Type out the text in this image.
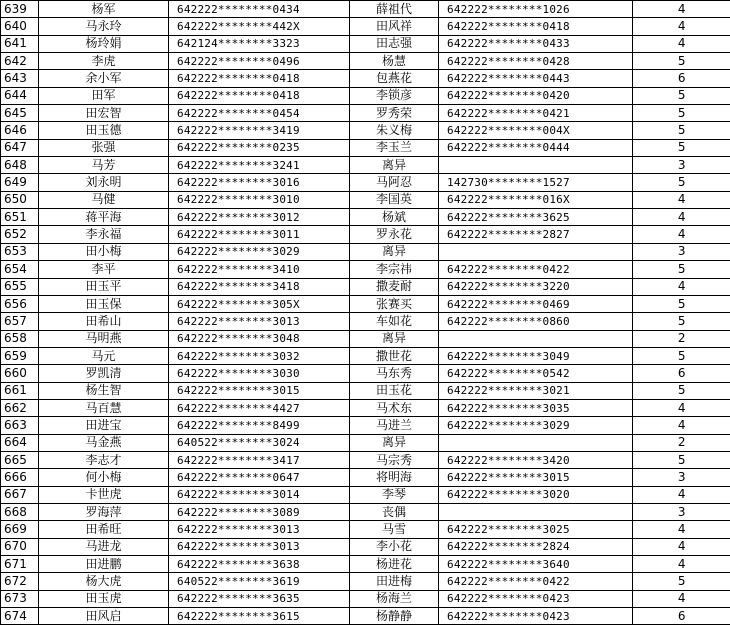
639	杨军	642222********0434	薛祖代	642222********1026	4
640	马永玲	642222********442X	田风祥	642222********0418	4
641	杨玲娟	642124********3323	田志强	642222********0433	4
642	李虎	642222********0496	杨慧	642222********0428	5
643	余小军	642222********0418	包燕花	642222********0443	6
644	田军	642222********0418	李锁彦	642222********0420	5
645	田宏智	642222********0454	罗秀荣	642222********0421	5
646	田玉德	642222********3419	朱义梅	642222********004X	5
647	张强	642222********0235	李玉兰	642222********0444	5
648	马芳	642222********3241	离异		3
649	刘永明	642222********3016	马阿忍	142730********1527	5
650	马健	642222********3010	李国英	642222********016X	4
651	蒋平海	642222********3012	杨斌	642222********3625	4
652	李永福	642222********3011	罗永花	642222********2827	4
653	田小梅	642222********3029	离异		3
654	李平	642222********3410	李宗祎	642222********0422	5
655	田玉平	642222********3418	撒麦耐	642222********3220	4
656	田玉保	642222********305X	张赛买	642222********0469	5
657	田希山	642222********3013	车如花	642222********0860	5
658	马明燕	642222********3048	离异		2
659	马元	642222********3032	撒世花	642222********3049	5
660	罗凯清	642222********3030	马东秀	642222********0542	6
661	杨生智	642222********3015	田玉花	642222********3021	5
662	马百慧	642222********4427	马术东	642222********3035	4
663	田进宝	642222********8499	马进兰	642222********3029	4
664	马金燕	640522********3024	离异		2
665	李志才	642222********3417	马宗秀	642222********3420	5
666	何小梅	642222********0647	将明海	642222********3015	3
667	卡世虎	642222********3014	李琴	642222********3020	4
668	罗海萍	642222********3089	丧偶		3
669	田希旺	642222********3013	马雪	642222********3025	4
670	马进龙	642222********3013	李小花	642222********2824	4
671	田进鹏	642222********3638	杨进花	642222********3640	4
672	杨大虎	640522********3619	田进梅	642222********0422	5
673	田玉虎	642222********3635	杨海兰	642222********0423	4
674	田风启	642222********3615	杨静静	642222********0423	6
